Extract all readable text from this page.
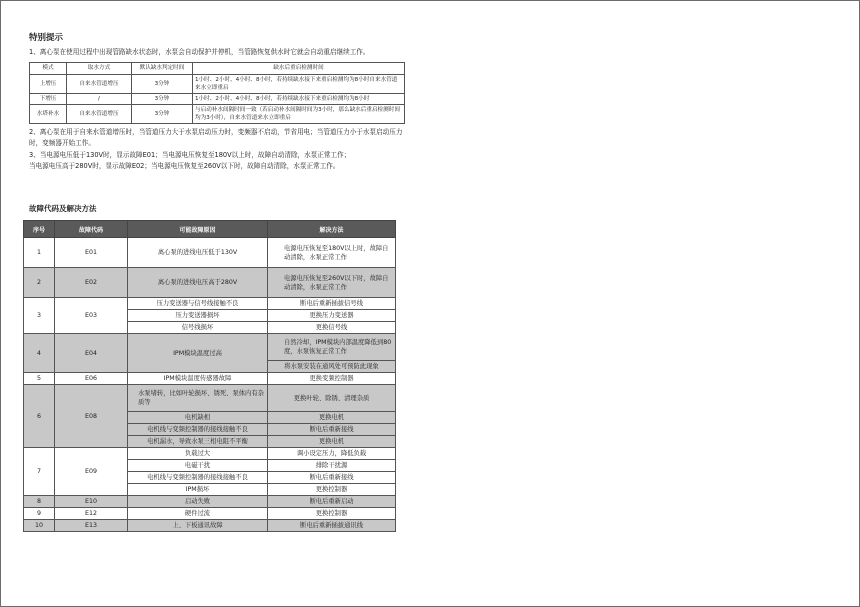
特别提示

1、离心泵在使用过程中出现管路缺水状态时，水泵会自动保护并停机，当管路恢复供水时它就会自动重启继续工作。

模式	取水方式	默认缺水判定时间	缺水后重启检测时间
上增压	自来水管道增压	3分钟	1小时、2小时、4小时、8小时，若持续缺水接下来重启检测均为8小时自来水管道来水立即重启
下增压	/	3分钟	1小时、2小时、4小时、8小时，若持续缺水接下来重启检测均为8小时
水塔补水	自来水管道增压	3分钟	与启动补水间隔时间一致（若启动补水间隔时间为3小时，那么缺水后重启检测时间均为3小时），自来水管道来水立即重启

2、离心泵在用于自来水管道增压时，当管道压力大于水泵启动压力时，变频器不启动，节省用电；当管道压力小于水泵启动压力时，变频器开始工作。

3、当电源电压低于130V时，显示故障E01；当电源电压恢复至180V以上时，故障自动清除，水泵正常工作；

当电源电压高于280V时，显示故障E02；当电源电压恢复至260V以下时，故障自动清除，水泵正常工作。

故障代码及解决方法
序号	故障代码	可能故障原因	解决方法
1	E01	离心泵的进线电压低于130V	电源电压恢复至180V以上时，故障自动清除，水泵正常工作
2	E02	离心泵的进线电压高于280V	电源电压恢复至260V以下时，故障自动清除，水泵正常工作
3	E03	压力变送器与信号线接触不良	断电后重新插拔信号线
		压力变送器损坏	更换压力变送器
		信号线损坏	更换信号线
4	E04	IPM模块温度过高	自然冷却，IPM模块内部温度降低到80度，水泵恢复正常工作
			将水泵安装在通风处可预防此现象
5	E06	IPM模块温度传感器故障	更换变频控制器
6	E08	水泵堵转，比如叶轮损坏、锈死、泵体内有杂质等	更换叶轮、除锈、清理杂质
		电机缺相	更换电机
		电机线与变频控制器的接线接触不良	断电后重新接线
		电机漏水，导致水泵三相电阻不平衡	更换电机
7	E09	负载过大	调小设定压力，降低负载
		电磁干扰	排除干扰源
		电机线与变频控制器的接线接触不良	断电后重新接线
		IPM损坏	更换控制器
8	E10	启动失败	断电后重新启动
9	E12	硬件过流	更换控制器
10	E13	上、下板通讯故障	断电后重新插拔通讯线
